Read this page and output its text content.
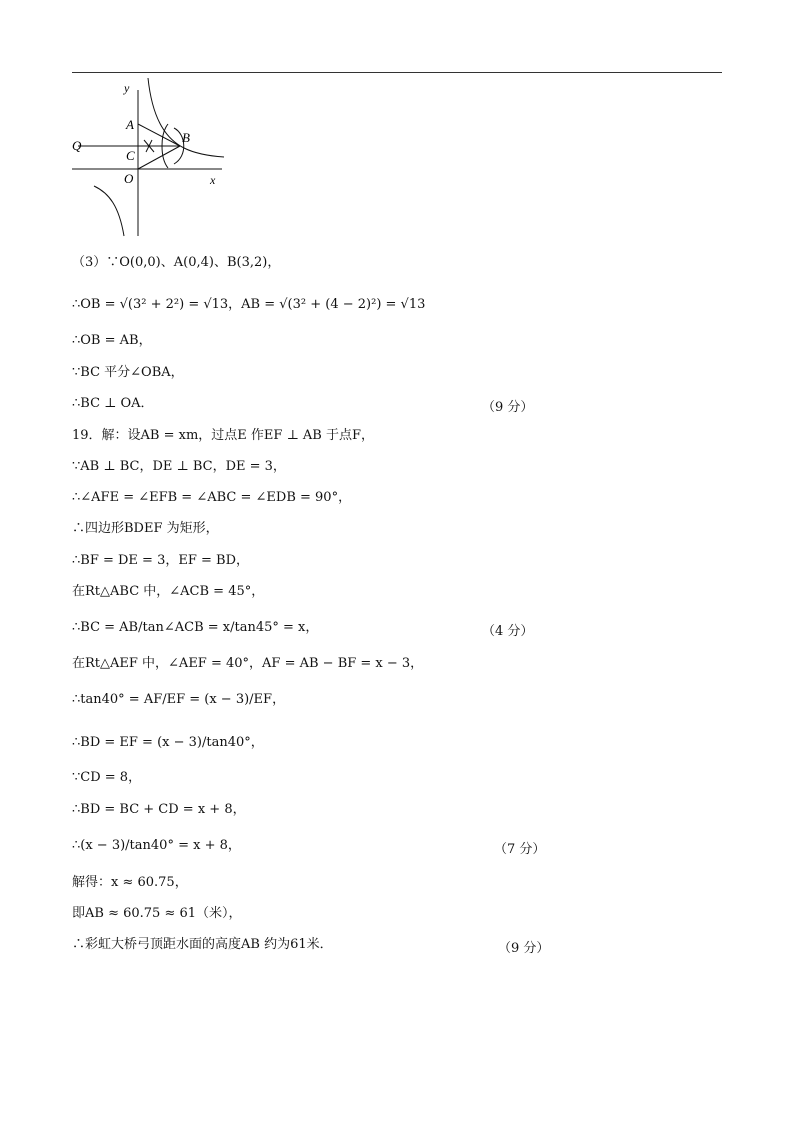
y
x
A
B
C
O
Q
（3）∵O(0,0)、A(0,4)、B(3,2)，
∴OB = √(3² + 2²) = √13，AB = √(3² + (4 − 2)²) = √13
∴OB = AB，
∵BC 平分∠OBA，
∴BC ⊥ OA．	（9 分）
19．解：设AB = xm，过点E 作EF ⊥ AB 于点F，
∵AB ⊥ BC，DE ⊥ BC，DE = 3，
∴∠AFE = ∠EFB = ∠ABC = ∠EDB = 90°，
∴四边形BDEF 为矩形，
∴BF = DE = 3，EF = BD，
在Rt△ABC 中，∠ACB = 45°，
∴BC = AB/tan∠ACB = x/tan45° = x，	（4 分）
在Rt△AEF 中，∠AEF = 40°，AF = AB − BF = x − 3，
∴tan40° = AF/EF = (x − 3)/EF，
∴BD = EF = (x − 3)/tan40°，
∵CD = 8，
∴BD = BC + CD = x + 8，
∴(x − 3)/tan40° = x + 8，	（7 分）
解得：x ≈ 60.75，
即AB ≈ 60.75 ≈ 61（米），
∴彩虹大桥弓顶距水面的高度AB 约为61米．	（9 分）
